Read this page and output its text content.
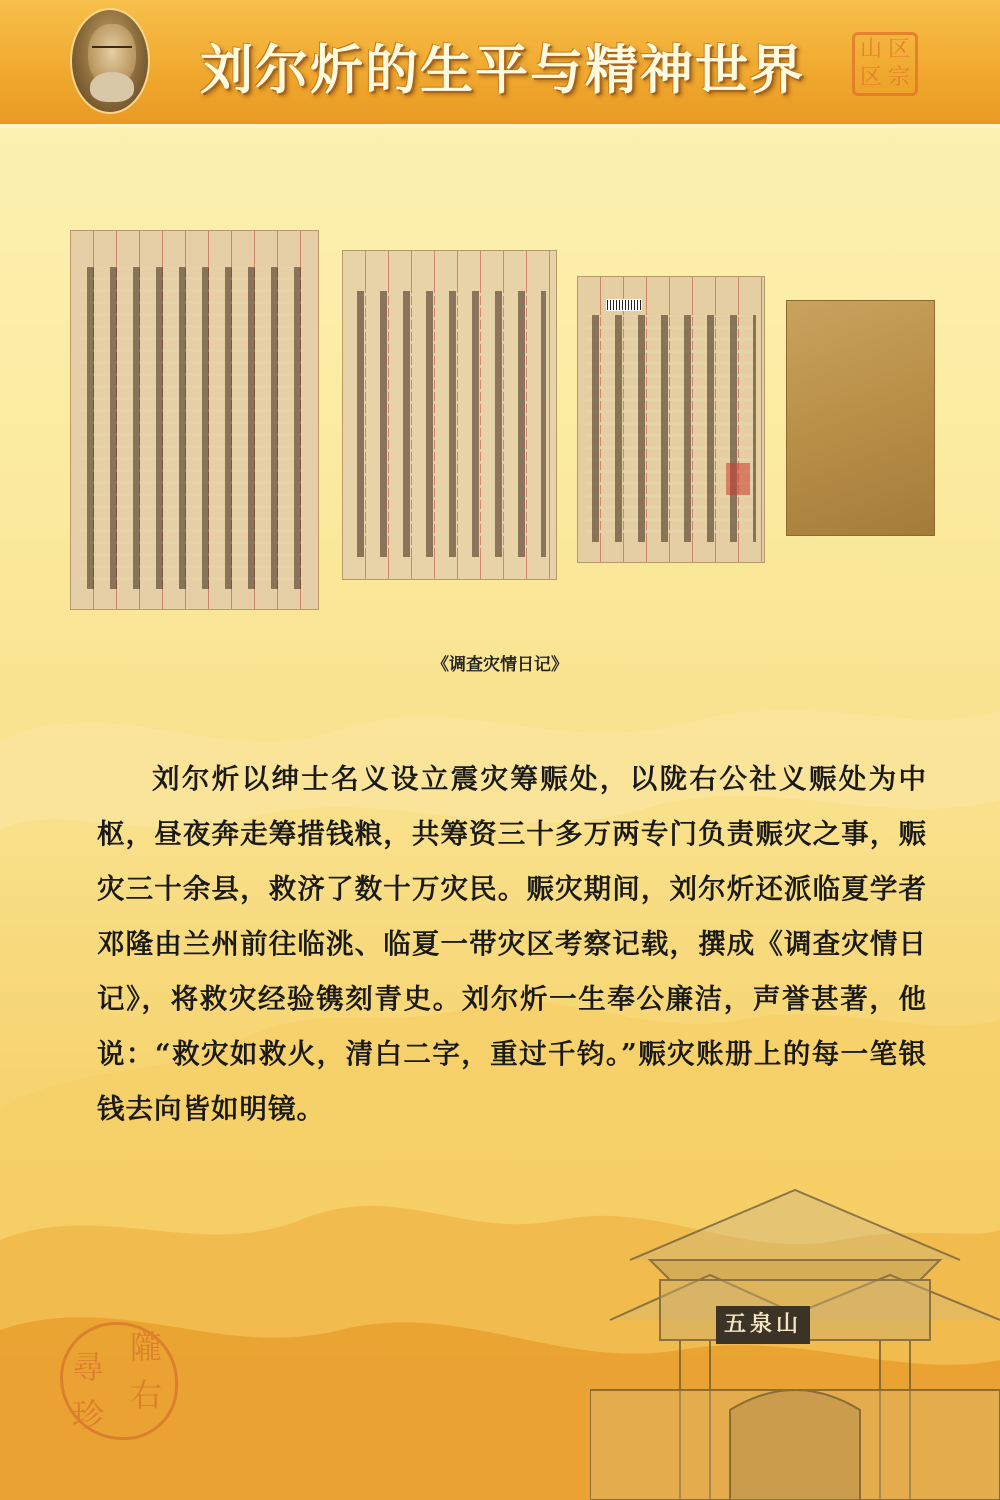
刘尔炘的生平与精神世界 山 区
区 宗
《调查灾情日记》

刘尔炘以绅士名义设立震灾筹赈处，以陇右公社义赈处为中枢，昼夜奔走筹措钱粮，共筹资三十多万两专门负责赈灾之事，赈灾三十余县，救济了数十万灾民。赈灾期间，刘尔炘还派临夏学者邓隆由兰州前往临洮、临夏一带灾区考察记载，撰成《调查灾情日记》，将救灾经验镌刻青史。刘尔炘一生奉公廉洁，声誉甚著，他说：“救灾如救火，清白二字，重过千钧。”赈灾账册上的每一笔银钱去向皆如明镜。

隴
右
尋
珍
五泉山
